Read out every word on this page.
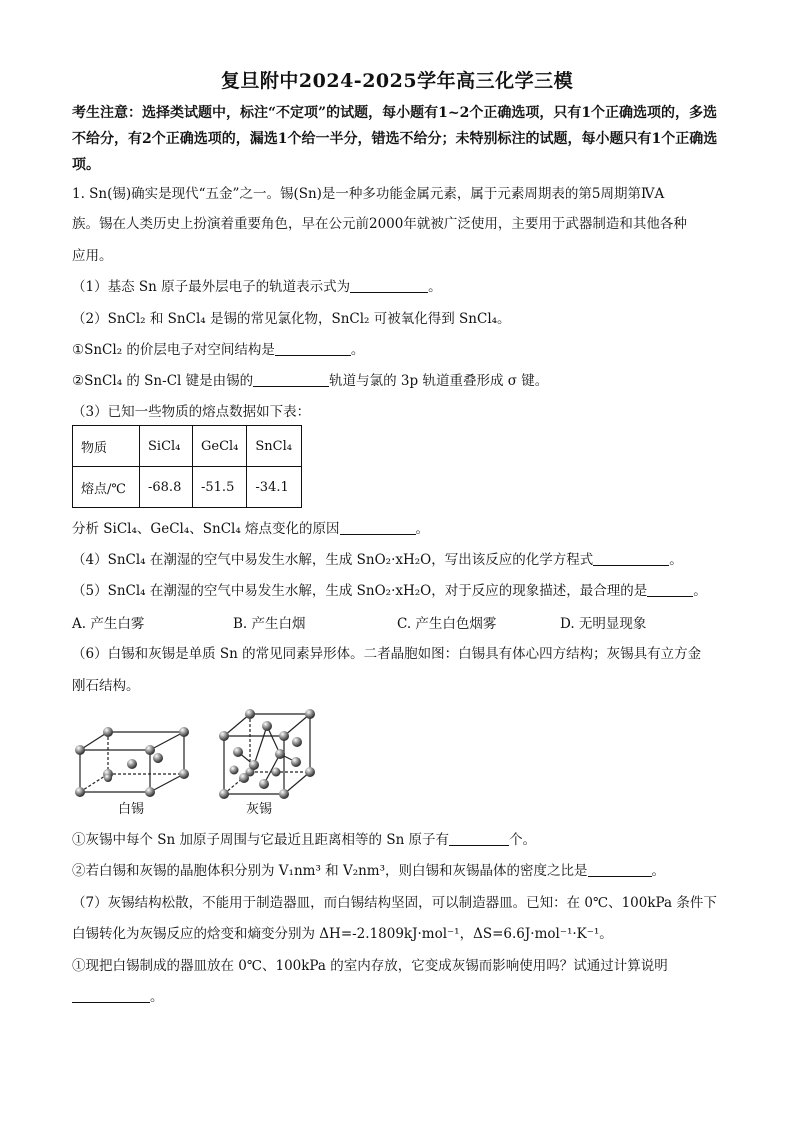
复旦附中2024-2025学年高三化学三模
考生注意：选择类试题中，标注“不定项”的试题，每小题有1~2个正确选项，只有1个正确选项的，多选不给分，有2个正确选项的，漏选1个给一半分，错选不给分；未特别标注的试题，每小题只有1个正确选项。
1. Sn(锡)确实是现代“五金”之一。锡(Sn)是一种多功能金属元素，属于元素周期表的第5周期第ⅣA
族。锡在人类历史上扮演着重要角色，早在公元前2000年就被广泛使用，主要用于武器制造和其他各种
应用。
（1）基态 Sn 原子最外层电子的轨道表示式为	。
（2）SnCl₂ 和 SnCl₄ 是锡的常见氯化物，SnCl₂ 可被氧化得到 SnCl₄。
①SnCl₂ 的价层电子对空间结构是	。
②SnCl₄ 的 Sn-Cl 键是由锡的	轨道与氯的 3p 轨道重叠形成 σ 键。
（3）已知一些物质的熔点数据如下表：
物质	SiCl₄	GeCl₄	SnCl₄
熔点/℃	-68.8	-51.5	-34.1
分析 SiCl₄、GeCl₄、SnCl₄ 熔点变化的原因	。
（4）SnCl₄ 在潮湿的空气中易发生水解，生成 SnO₂·xH₂O，写出该反应的化学方程式	。
（5）SnCl₄ 在潮湿的空气中易发生水解，生成 SnO₂·xH₂O，对于反应的现象描述，最合理的是	。
A. 产生白雾	B. 产生白烟	C. 产生白色烟雾	D. 无明显现象
（6）白锡和灰锡是单质 Sn 的常见同素异形体。二者晶胞如图：白锡具有体心四方结构；灰锡具有立方金
刚石结构。
白锡	灰锡
①灰锡中每个 Sn 加原子周围与它最近且距离相等的 Sn 原子有	个。
②若白锡和灰锡的晶胞体积分别为 V₁nm³ 和 V₂nm³，则白锡和灰锡晶体的密度之比是	。
（7）灰锡结构松散，不能用于制造器皿，而白锡结构坚固，可以制造器皿。已知：在 0℃、100kPa 条件下
白锡转化为灰锡反应的焓变和熵变分别为 ΔH=-2.1809kJ·mol⁻¹，ΔS=6.6J·mol⁻¹·K⁻¹。
①现把白锡制成的器皿放在 0℃、100kPa 的室内存放，它变成灰锡而影响使用吗？试通过计算说明
。
